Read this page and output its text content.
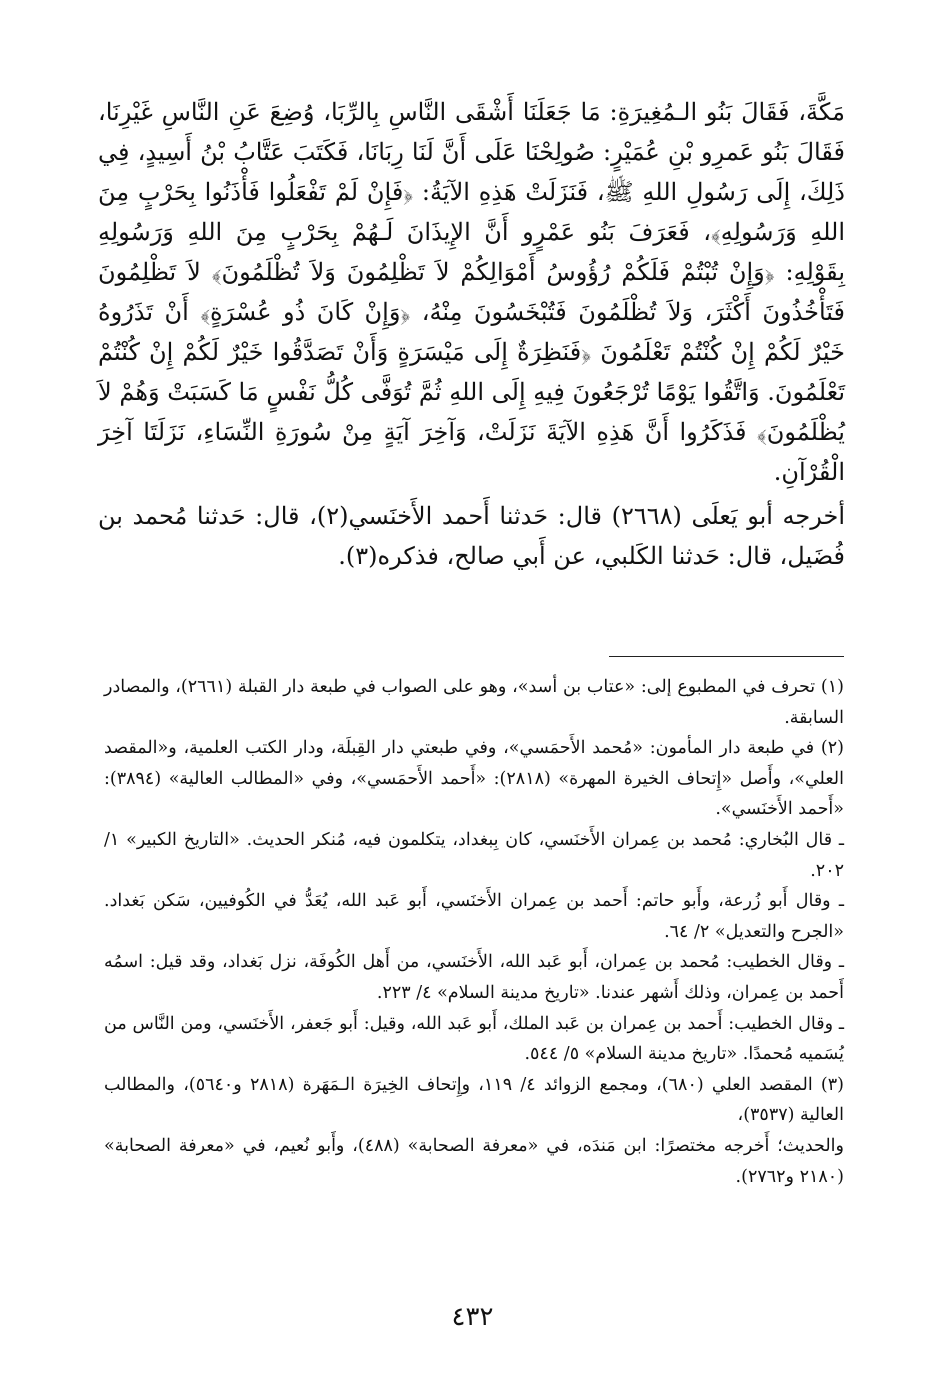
مَكَّةَ، فَقَالَ بَنُو الـمُغِيرَةِ: مَا جَعَلَنَا أَشْقَى النَّاسِ بِالرِّبَا، وُضِعَ عَنِ النَّاسِ غَيْرِنَا، فَقَالَ بَنُو عَمرِو بْنِ عُمَيْرٍ: صُولِحْنَا عَلَى أَنَّ لَنَا رِبَانَا، فَكَتَبَ عَتَّابُ بْنُ أَسِيدٍ، فِي ذَلِكَ، إِلَى رَسُولِ اللهِ ﷺ، فَنَزَلَتْ هَذِهِ الآيَةُ: ﴿فَإِنْ لَمْ تَفْعَلُوا فَأْذَنُوا بِحَرْبٍ مِنَ اللهِ وَرَسُولِهِ﴾، فَعَرَفَ بَنُو عَمْرٍو أَنَّ الإِيذَانَ لَـهُمْ بِحَرْبٍ مِنَ اللهِ وَرَسُولِهِ بِقَوْلِهِ: ﴿وَإِنْ تُبْتُمْ فَلَكُمْ رُؤُوسُ أَمْوَالِكُمْ لاَ تَظْلِمُونَ وَلاَ تُظْلَمُونَ﴾ لاَ تَظْلِمُونَ فَتَأْخُذُونَ أَكْثَرَ، وَلاَ تُظْلَمُونَ فَتُبْخَسُونَ مِنْهُ، ﴿وَإِنْ كَانَ ذُو عُسْرَةٍ﴾ أَنْ تَذَرُوهُ خَيْرٌ لَكُمْ إِنْ كُنْتُمْ تَعْلَمُونَ ﴿فَنَظِرَةٌ إِلَى مَيْسَرَةٍ وَأَنْ تَصَدَّقُوا خَيْرٌ لَكُمْ إِنْ كُنْتُمْ تَعْلَمُونَ. وَاتَّقُوا يَوْمًا تُرْجَعُونَ فِيهِ إِلَى اللهِ ثُمَّ تُوَفَّى كُلُّ نَفْسٍ مَا كَسَبَتْ وَهُمْ لاَ يُظْلَمُونَ﴾ فَذَكَرُوا أَنَّ هَذِهِ الآيَةَ نَزَلَتْ، وَآخِرَ آيَةٍ مِنْ سُورَةِ النِّسَاءِ، نَزَلَتَا آخِرَ الْقُرْآنِ.

أخرجه أبو يَعلَى (٢٦٦٨) قال: حَدثنا أَحمد الأَخنَسي(٢)، قال: حَدثنا مُحمد بن فُضَيل، قال: حَدثنا الكَلبي، عن أَبي صالح، فذكره(٣).

(١) تحرف في المطبوع إلى: «عتاب بن أسد»، وهو على الصواب في طبعة دار القبلة (٢٦٦١)، والمصادر السابقة.

(٢) في طبعة دار المأمون: «مُحمد الأَحمَسي»، وفي طبعتي دار القِبلَة، ودار الكتب العلمية، و«المقصد العلي»، وأَصل «إِتحاف الخيرة المهرة» (٢٨١٨): «أَحمد الأَحمَسي»، وفي «المطالب العالية» (٣٨٩٤): «أَحمد الأَخنَسي».

ـ قال البُخاري: مُحمد بن عِمران الأَخنَسي، كان بِبغداد، يتكلمون فيه، مُنكر الحديث. «التاريخ الكبير» ١/ ٢٠٢.

ـ وقال أَبو زُرعة، وأَبو حاتم: أَحمد بن عِمران الأَخنَسي، أَبو عَبد الله، يُعَدُّ في الكُوفيين، سَكن بَغداد. «الجرح والتعديل» ٢/ ٦٤.

ـ وقال الخطيب: مُحمد بن عِمران، أَبو عَبد الله، الأَخنَسي، من أَهل الكُوفَة، نزل بَغداد، وقد قيل: اسمُه أَحمد بن عِمران، وذلك أَشهر عندنا. «تاريخ مدينة السلام» ٤/ ٢٢٣.

ـ وقال الخطيب: أَحمد بن عِمران بن عَبد الملك، أَبو عَبد الله، وقيل: أَبو جَعفر، الأَخنَسي، ومن النَّاس من يُسَميه مُحمدًا. «تاريخ مدينة السلام» ٥/ ٥٤٤.

(٣) المقصد العلي (٦٨٠)، ومجمع الزوائد ٤/ ١١٩، وإِتحاف الخِيرَة الـمَهَرة (٢٨١٨ و٥٦٤٠)، والمطالب العالية (٣٥٣٧)،

والحديث؛ أَخرجه مختصرًا: ابن مَندَه، في «معرفة الصحابة» (٤٨٨)، وأَبو نُعيم، في «معرفة الصحابة» (٢١٨٠ و٢٧٦٢).

٤٣٢
